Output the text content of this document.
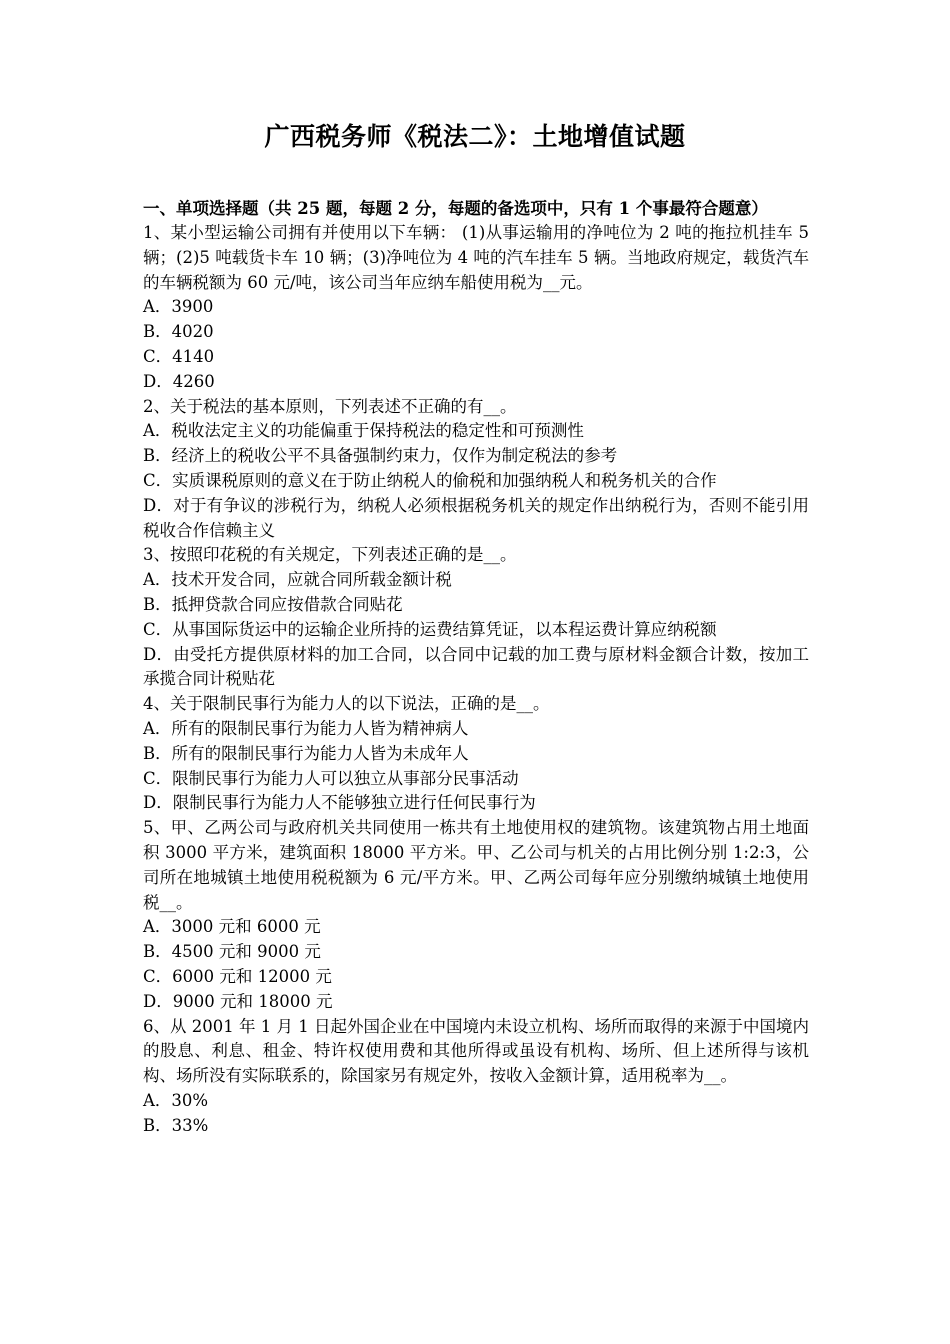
广西税务师《税法二》：土地增值试题

一、单项选择题（共 25 题，每题 2 分，每题的备选项中，只有 1 个事最符合题意）

1、某小型运输公司拥有并使用以下车辆： (1)从事运输用的净吨位为 2 吨的拖拉机挂车 5 辆；(2)5 吨载货卡车 10 辆；(3)净吨位为 4 吨的汽车挂车 5 辆。当地政府规定，载货汽车的车辆税额为 60 元/吨，该公司当年应纳车船使用税为__元。

A．3900

B．4020

C．4140

D．4260

2、关于税法的基本原则，下列表述不正确的有__。

A．税收法定主义的功能偏重于保持税法的稳定性和可预测性

B．经济上的税收公平不具备强制约束力，仅作为制定税法的参考

C．实质课税原则的意义在于防止纳税人的偷税和加强纳税人和税务机关的合作

D．对于有争议的涉税行为，纳税人必须根据税务机关的规定作出纳税行为，否则不能引用税收合作信赖主义

3、按照印花税的有关规定，下列表述正确的是__。

A．技术开发合同，应就合同所载金额计税

B．抵押贷款合同应按借款合同贴花

C．从事国际货运中的运输企业所持的运费结算凭证，以本程运费计算应纳税额

D．由受托方提供原材料的加工合同，以合同中记载的加工费与原材料金额合计数，按加工承揽合同计税贴花

4、关于限制民事行为能力人的以下说法，正确的是__。

A．所有的限制民事行为能力人皆为精神病人

B．所有的限制民事行为能力人皆为未成年人

C．限制民事行为能力人可以独立从事部分民事活动

D．限制民事行为能力人不能够独立进行任何民事行为

5、甲、乙两公司与政府机关共同使用一栋共有土地使用权的建筑物。该建筑物占用土地面积 3000 平方米，建筑面积 18000 平方米。甲、乙公司与机关的占用比例分别 1:2:3，公司所在地城镇土地使用税税额为 6 元/平方米。甲、乙两公司每年应分别缴纳城镇土地使用税__。

A．3000 元和 6000 元

B．4500 元和 9000 元

C．6000 元和 12000 元

D．9000 元和 18000 元

6、从 2001 年 1 月 1 日起外国企业在中国境内未设立机构、场所而取得的来源于中国境内的股息、利息、租金、特许权使用费和其他所得或虽设有机构、场所、但上述所得与该机构、场所没有实际联系的，除国家另有规定外，按收入金额计算，适用税率为__。

A．30%

B．33%
